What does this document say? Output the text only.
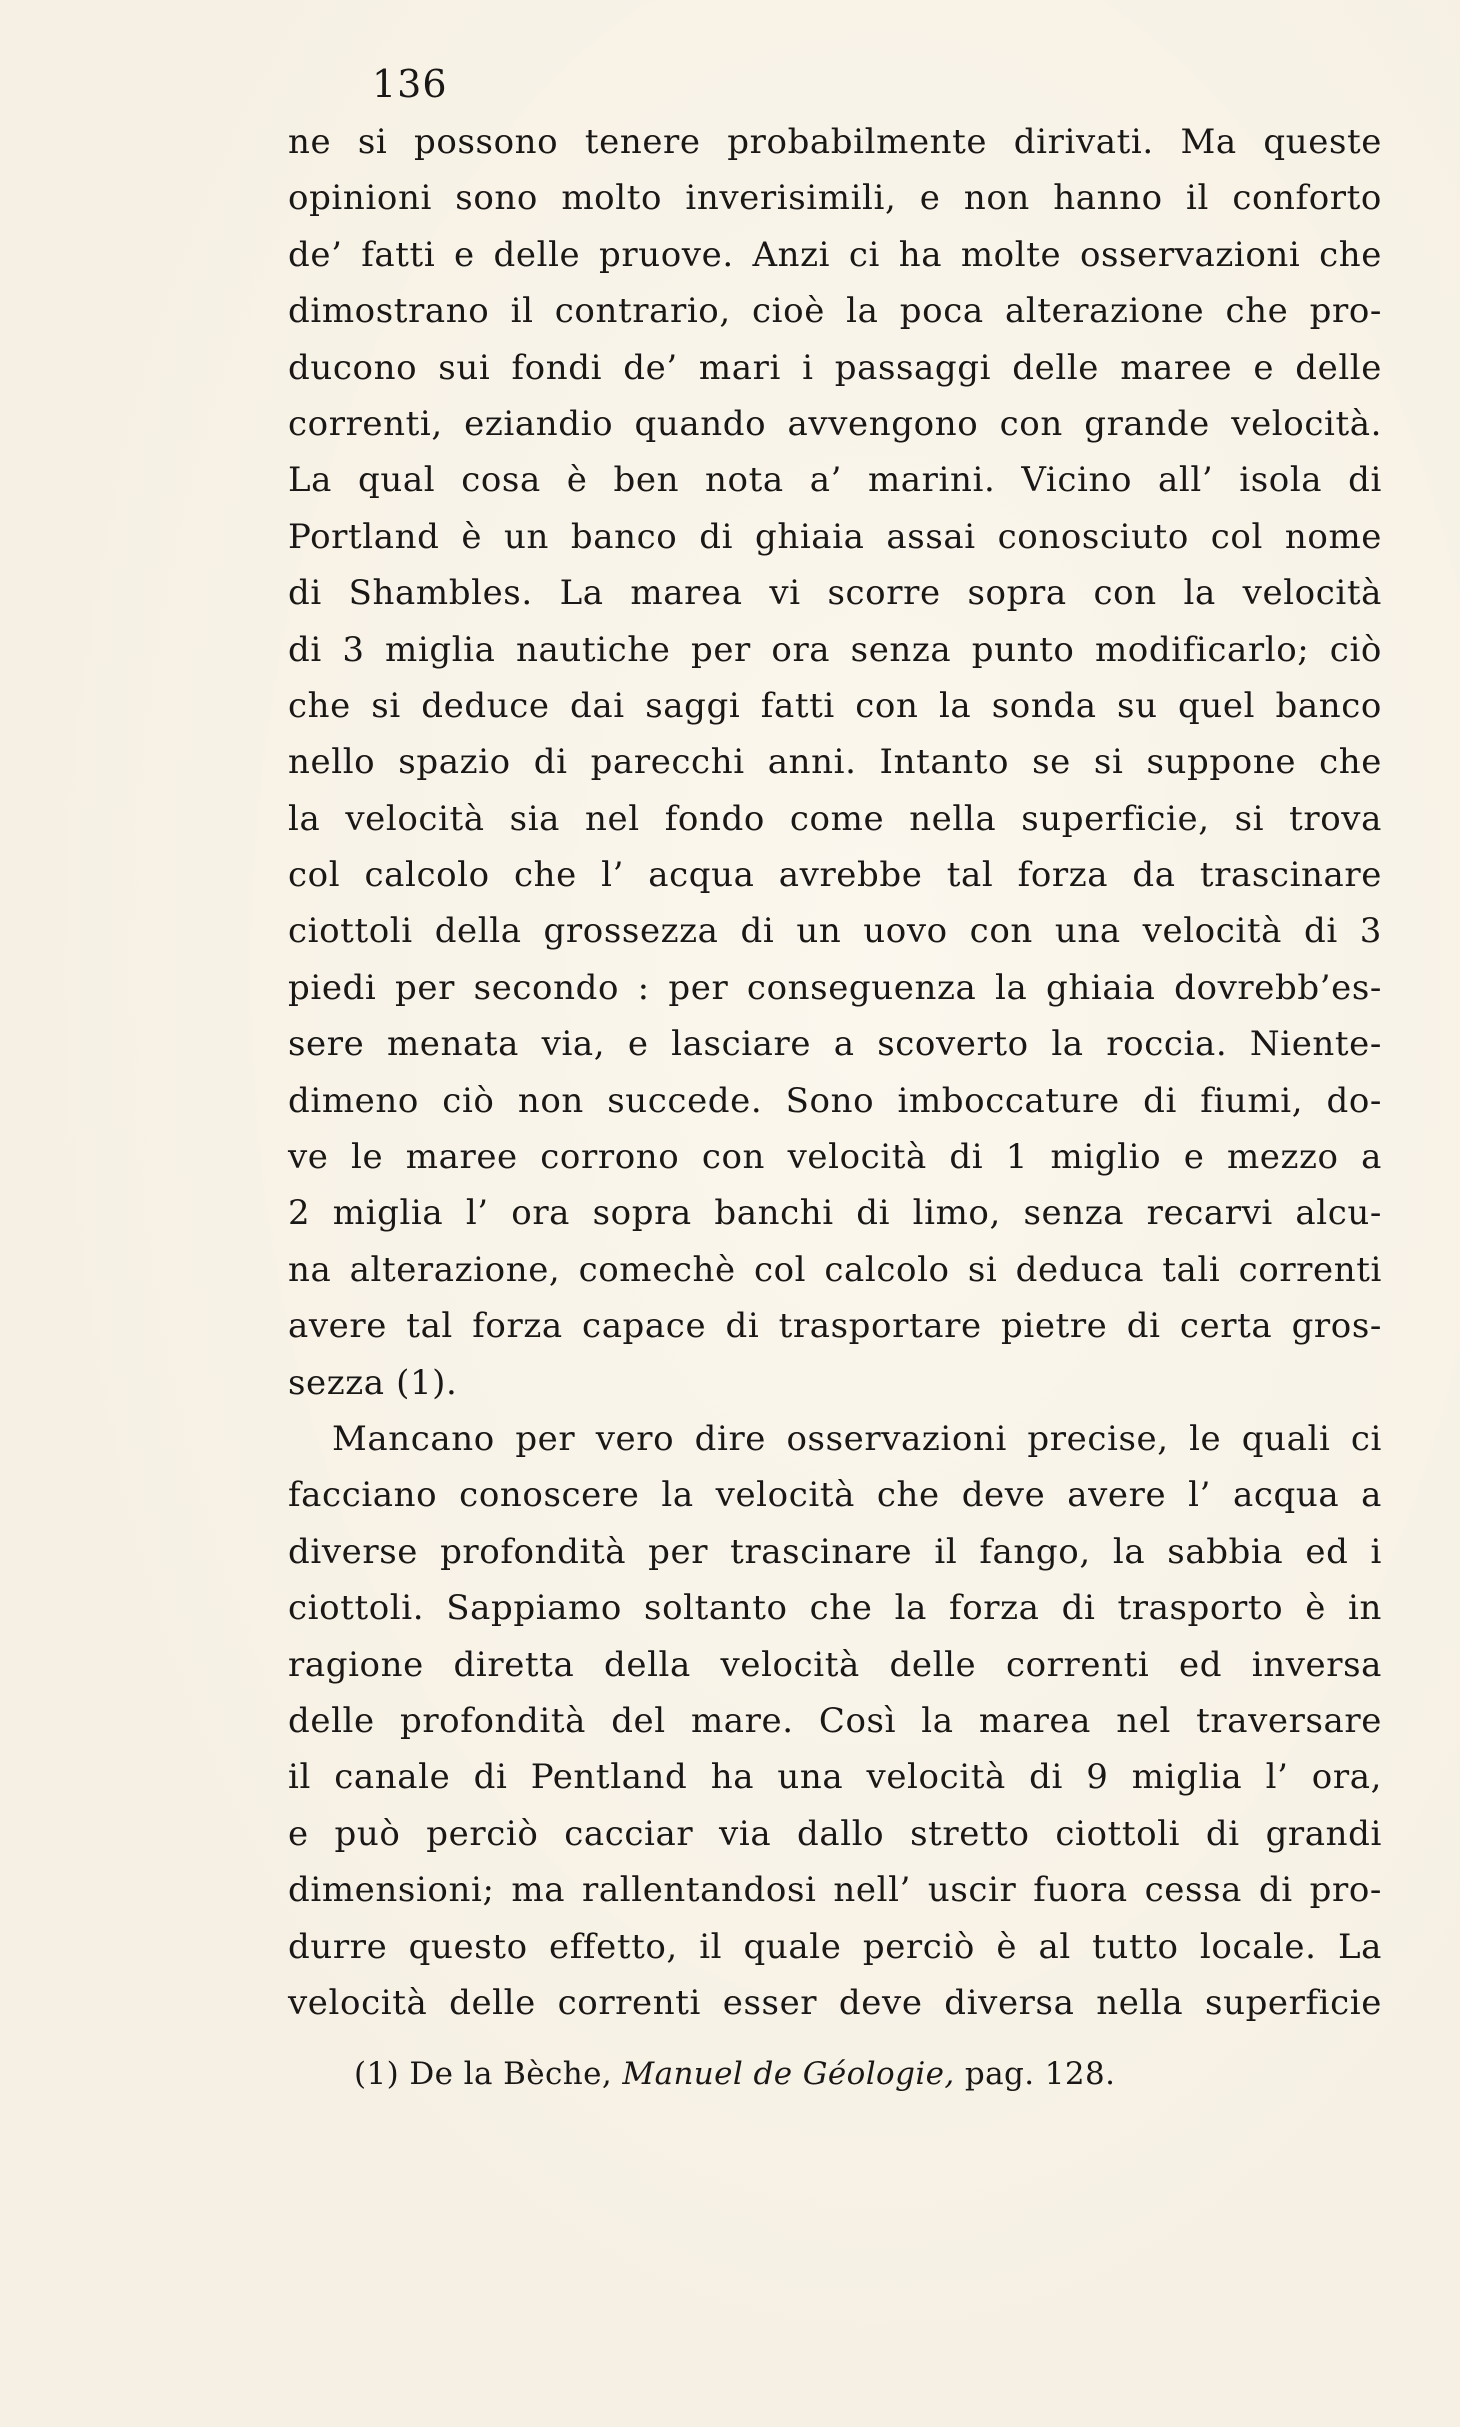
136
ne si possono tenere probabilmente dirivati. Ma queste
opinioni sono molto inverisimili, e non hanno il conforto
de’ fatti e delle pruove. Anzi ci ha molte osservazioni che
dimostrano il contrario, cioè la poca alterazione che pro-
ducono sui fondi de’ mari i passaggi delle maree e delle
correnti, eziandio quando avvengono con grande velocità.
La qual cosa è ben nota a’ marini. Vicino all’ isola di
Portland è un banco di ghiaia assai conosciuto col nome
di Shambles. La marea vi scorre sopra con la velocità
di 3 miglia nautiche per ora senza punto modificarlo; ciò
che si deduce dai saggi fatti con la sonda su quel banco
nello spazio di parecchi anni. Intanto se si suppone che
la velocità sia nel fondo come nella superficie, si trova
col calcolo che l’ acqua avrebbe tal forza da trascinare
ciottoli della grossezza di un uovo con una velocità di 3
piedi per secondo : per conseguenza la ghiaia dovrebb’es-
sere menata via, e lasciare a scoverto la roccia. Niente-
dimeno ciò non succede. Sono imboccature di fiumi, do-
ve le maree corrono con velocità di 1 miglio e mezzo a
2 miglia l’ ora sopra banchi di limo, senza recarvi alcu-
na alterazione, comechè col calcolo si deduca tali correnti
avere tal forza capace di trasportare pietre di certa gros-
sezza (1).
Mancano per vero dire osservazioni precise, le quali ci
facciano conoscere la velocità che deve avere l’ acqua a
diverse profondità per trascinare il fango, la sabbia ed i
ciottoli. Sappiamo soltanto che la forza di trasporto è in
ragione diretta della velocità delle correnti ed inversa
delle profondità del mare. Così la marea nel traversare
il canale di Pentland ha una velocità di 9 miglia l’ ora,
e può perciò cacciar via dallo stretto ciottoli di grandi
dimensioni; ma rallentandosi nell’ uscir fuora cessa di pro-
durre questo effetto, il quale perciò è al tutto locale. La
velocità delle correnti esser deve diversa nella superficie
(1) De la Bèche, Manuel de Géologie, pag. 128.
